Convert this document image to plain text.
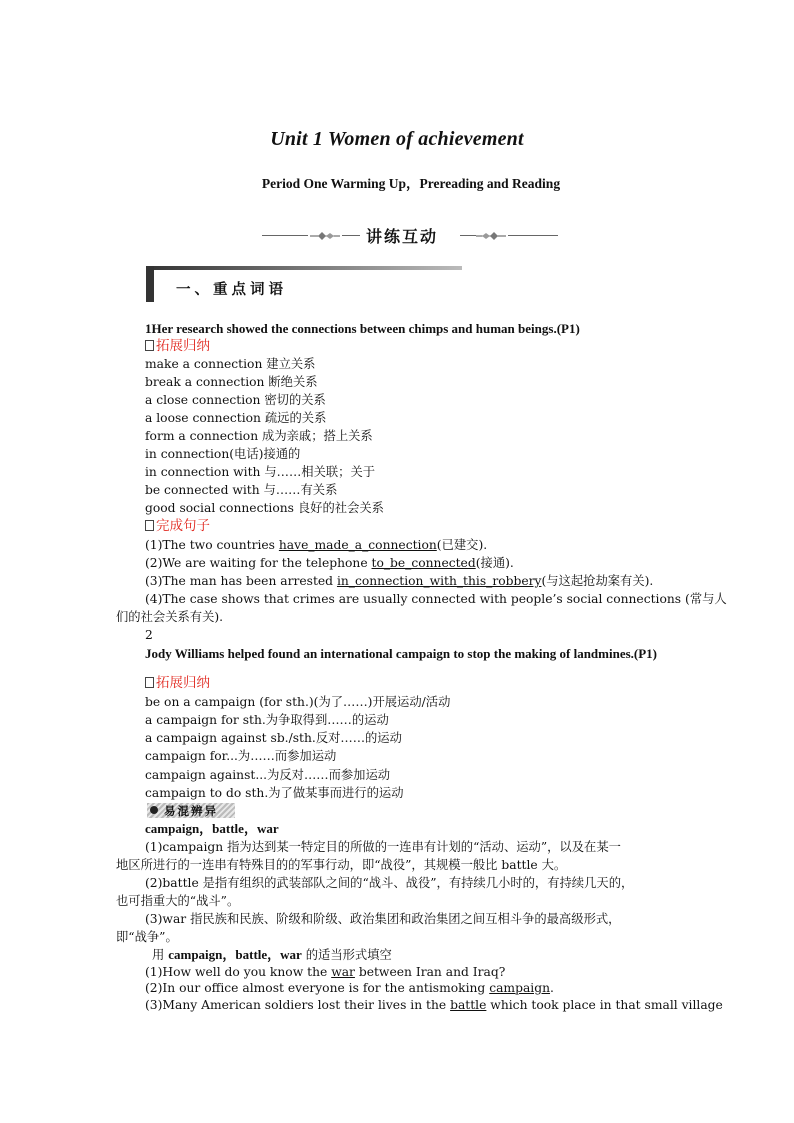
Unit 1 Women of achievement
Period One Warming Up，Prereading and Reading
讲练互动
一、重点词语
1Her research showed the connections between chimps and human beings.(P1)
拓展归纳
make a connection 建立关系
break a connection 断绝关系
a close connection 密切的关系
a loose connection 疏远的关系
form a connection 成为亲戚；搭上关系
in connection(电话)接通的
in connection with 与……相关联；关于
be connected with 与……有关系
good social connections 良好的社会关系
完成句子
(1)The two countries have_made_a_connection(已建交).
(2)We are waiting for the telephone to_be_connected(接通).
(3)The man has been arrested in_connection_with_this_robbery(与这起抢劫案有关).
(4)The case shows that crimes are usually connected with people’s social connections (常与人
们的社会关系有关).
2
Jody Williams helped found an international campaign to stop the making of landmines.(P1)
拓展归纳
be on a campaign (for sth.)(为了……)开展运动/活动
a campaign for sth.为争取得到……的运动
a campaign against sb./sth.反对……的运动
campaign for...为……而参加运动
campaign against...为反对……而参加运动
campaign to do sth.为了做某事而进行的运动
易混辨异
campaign，battle，war
(1)campaign 指为达到某一特定目的所做的一连串有计划的“活动、运动”，以及在某一
地区所进行的一连串有特殊目的的军事行动，即“战役”，其规模一般比 battle 大。
(2)battle 是指有组织的武装部队之间的“战斗、战役”，有持续几小时的，有持续几天的，
也可指重大的“战斗”。
(3)war 指民族和民族、阶级和阶级、政治集团和政治集团之间互相斗争的最高级形式，
即“战争”。
用 campaign，battle，war 的适当形式填空
(1)How well do you know the war between Iran and Iraq?
(2)In our office almost everyone is for the antismoking campaign.
(3)Many American soldiers lost their lives in the battle which took place in that small village
